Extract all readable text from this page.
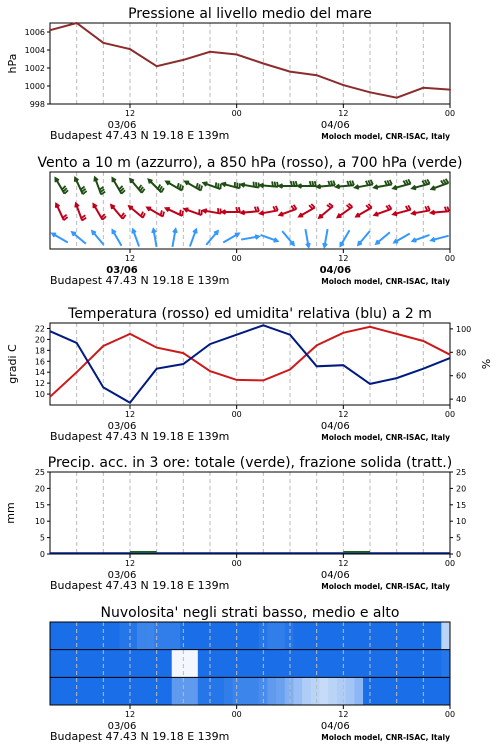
Pressione al livello medio del mare
998
1000
1002
1004
1006
hPa
12	00	12	00
03/06	04/06
Budapest 47.43 N 19.18 E 139m	Moloch model, CNR-ISAC, Italy
Vento a 10 m (azzurro), a 850 hPa (rosso), a 700 hPa (verde)
12	00	12	00
03/06	04/06
Budapest 47.43 N 19.18 E 139m	Moloch model, CNR-ISAC, Italy
Temperatura (rosso) ed umidita' relativa (blu) a 2 m
10
12
14
16
18
20
22
40
60
80
100
gradi C	%
12	00	12	00
03/06	04/06
Budapest 47.43 N 19.18 E 139m	Moloch model, CNR-ISAC, Italy
Precip. acc. in 3 ore: totale (verde), frazione solida (tratt.)
0	0
5	5
10	10
15	15
20	20
25	25
mm
12	00	12	00
03/06	04/06
Budapest 47.43 N 19.18 E 139m	Moloch model, CNR-ISAC, Italy
Nuvolosita' negli strati basso, medio e alto
12	00	12	00
03/06	04/06
Budapest 47.43 N 19.18 E 139m	Moloch model, CNR-ISAC, Italy
